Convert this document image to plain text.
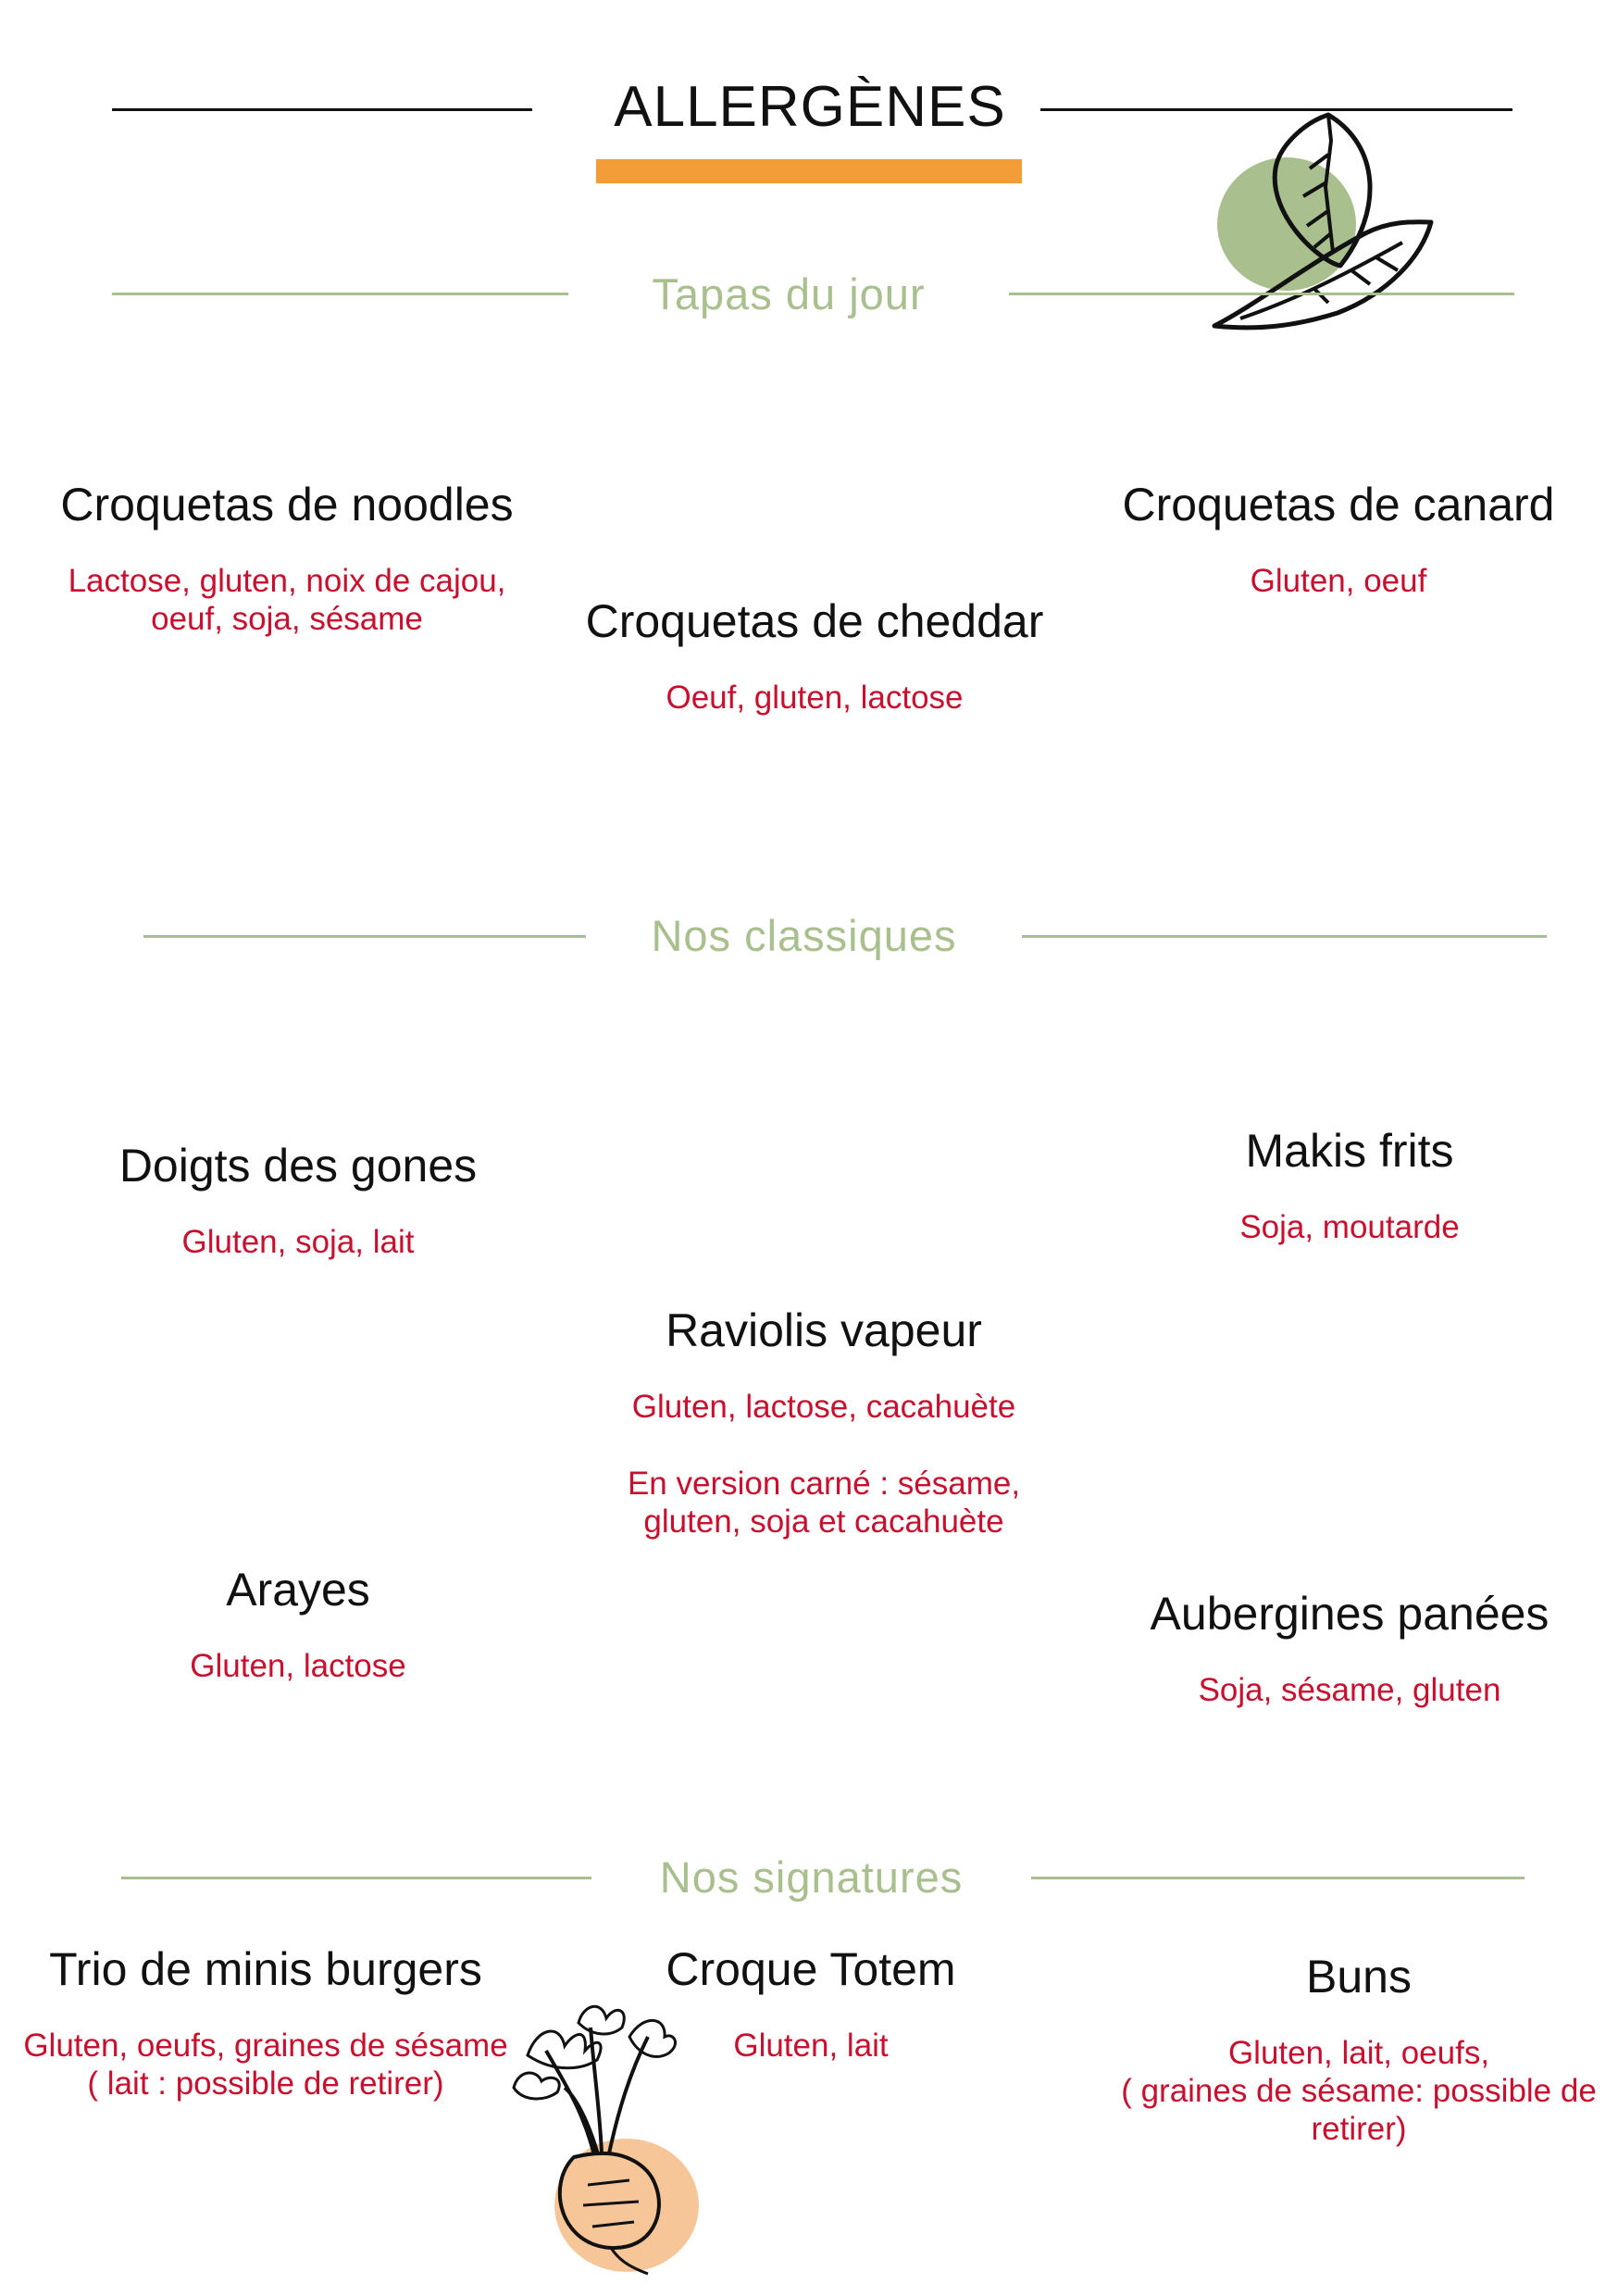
ALLERGÈNES
Tapas du jour
Croquetas de noodles
Lactose, gluten, noix de cajou,
oeuf, soja, sésame	Croquetas de cheddar
Oeuf, gluten, lactose
Croquetas de canard
Gluten, oeuf
Nos classiques
Doigts des gones
Gluten, soja, lait
Makis frits
Soja, moutarde
Raviolis vapeur
Gluten, lactose, cacahuète
En version carné : sésame,
gluten, soja et cacahuète
Arayes
Gluten, lactose
Aubergines panées
Soja, sésame, gluten
Nos signatures
Trio de minis burgers
Gluten, oeufs, graines de sésame
( lait : possible de retirer)
Croque Totem
Gluten, lait
Buns
Gluten, lait, oeufs,
( graines de sésame: possible de
retirer)
